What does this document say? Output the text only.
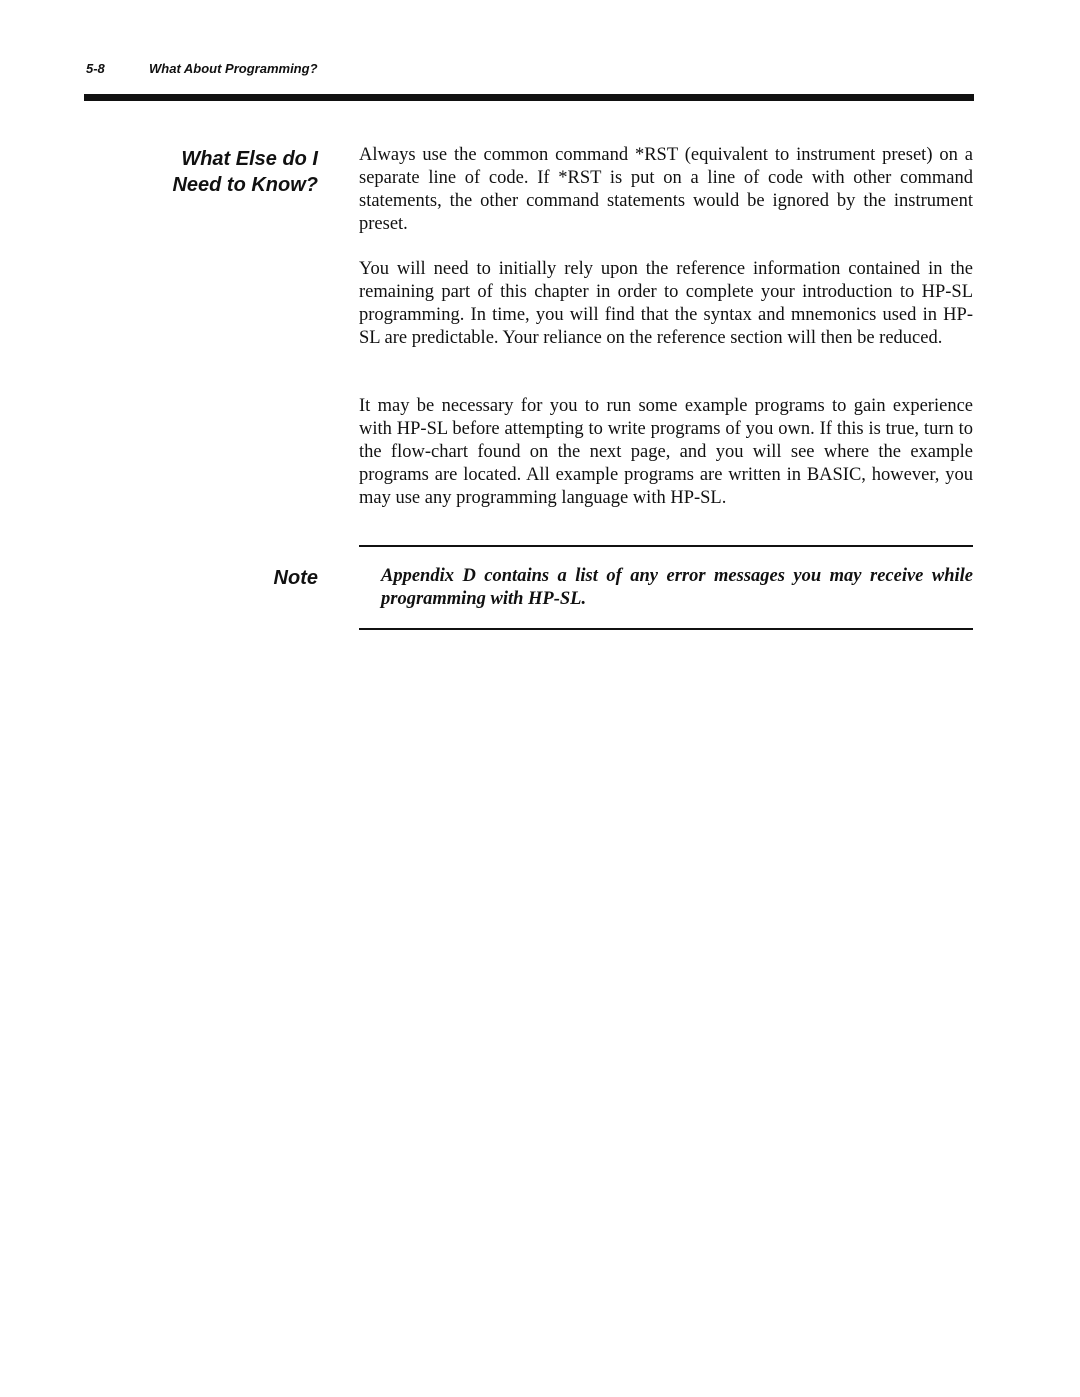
5-8	What About Programming?
What Else do I
Need to Know?

Always use the common command *RST (equivalent to instrument preset) on a separate line of code. If *RST is put on a line of code with other command statements, the other command statements would be ignored by the instrument preset.

You will need to initially rely upon the reference information contained in the remaining part of this chapter in order to complete your introduction to HP-SL programming. In time, you will find that the syntax and mnemonics used in HP-SL are predictable. Your reliance on the reference section will then be reduced.

It may be necessary for you to run some example programs to gain experience with HP-SL before attempting to write programs of you own. If this is true, turn to the flow-chart found on the next page, and you will see where the example programs are located. All example programs are written in BASIC, however, you may use any programming language with HP-SL.

Note	Appendix D contains a list of any error messages you may receive while programming with HP-SL.
